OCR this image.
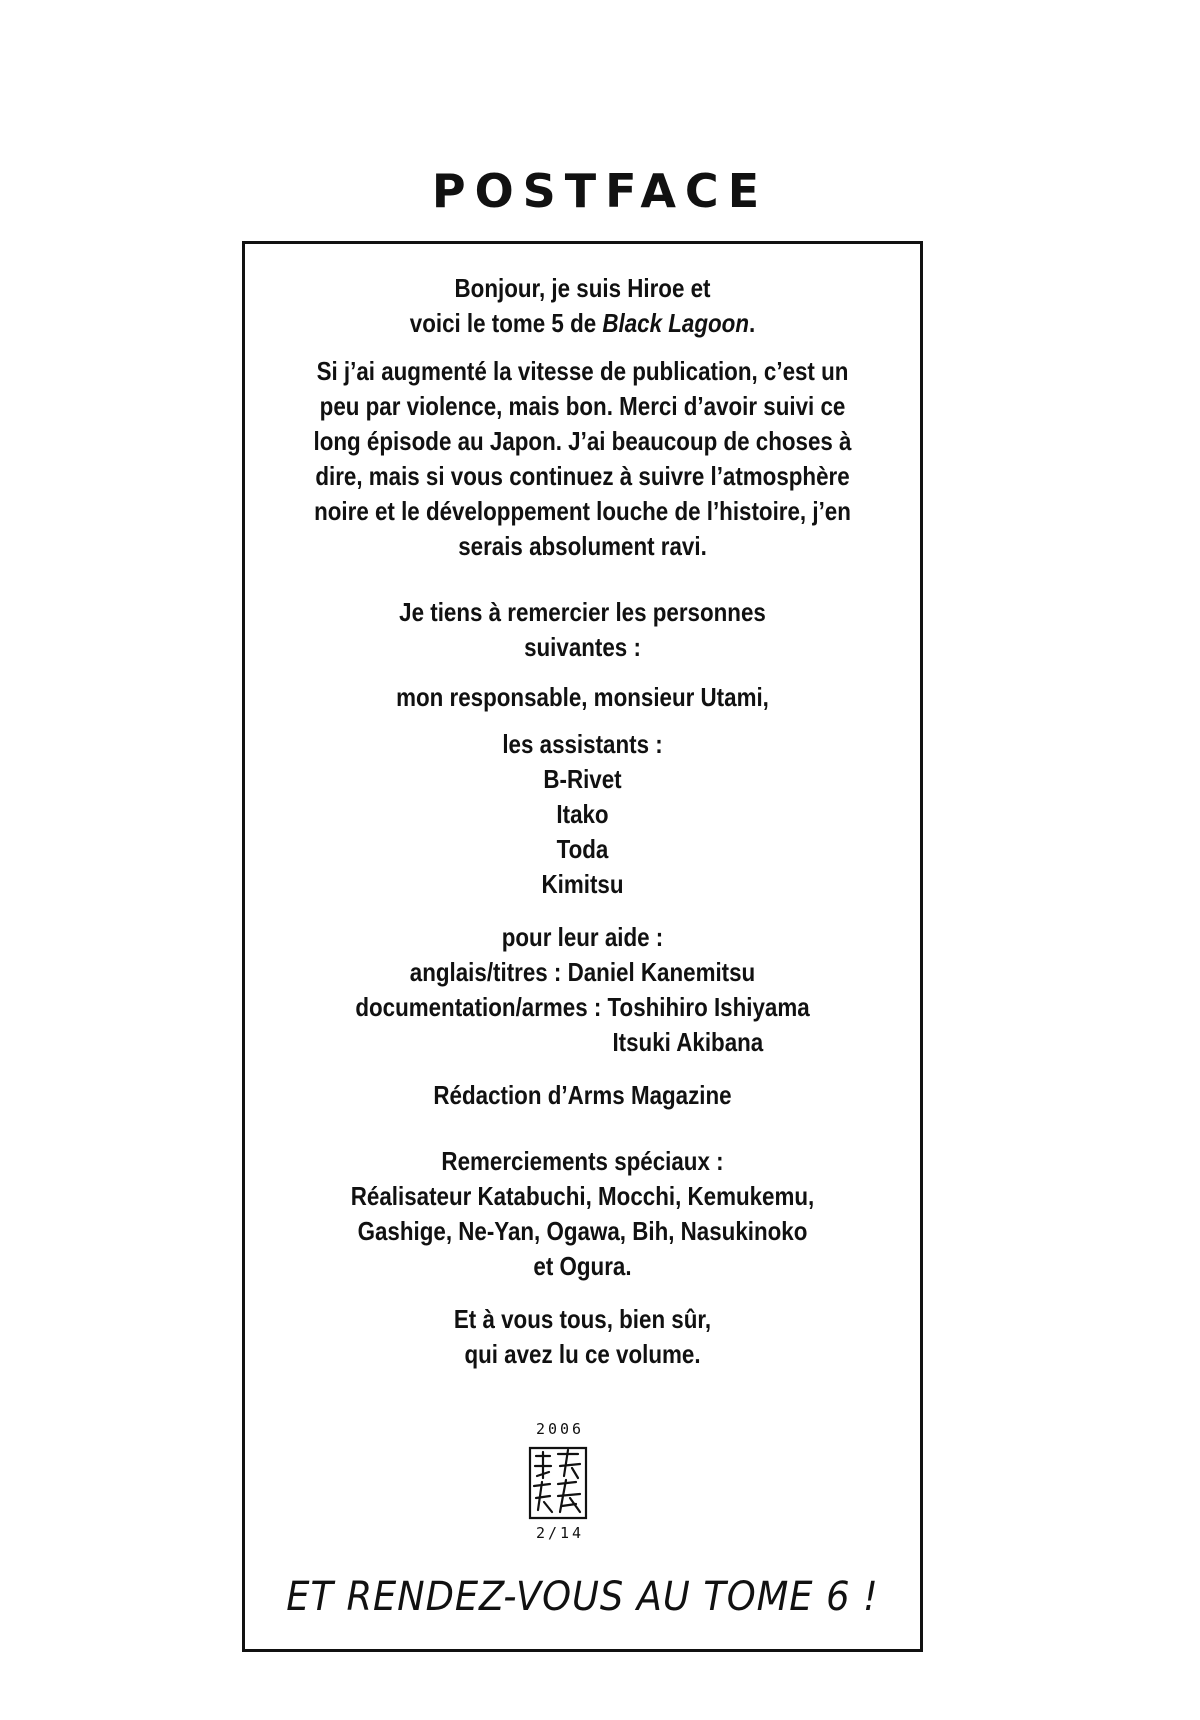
POSTFACE
Bonjour, je suis Hiroe et
voici le tome 5 de Black Lagoon.
Si j’ai augmenté la vitesse de publication, c’est un
peu par violence, mais bon. Merci d’avoir suivi ce
long épisode au Japon. J’ai beaucoup de choses à
dire, mais si vous continuez à suivre l’atmosphère
noire et le développement louche de l’histoire, j’en
serais absolument ravi.
Je tiens à remercier les personnes
suivantes :
mon responsable, monsieur Utami,
les assistants :
B-Rivet
Itako
Toda
Kimitsu
pour leur aide :
anglais/titres : Daniel Kanemitsu
documentation/armes : Toshihiro Ishiyama
Itsuki Akibana
Rédaction d’Arms Magazine
Remerciements spéciaux :
Réalisateur Katabuchi, Mocchi, Kemukemu,
Gashige, Ne-Yan, Ogawa, Bih, Nasukinoko
et Ogura.
Et à vous tous, bien sûr,
qui avez lu ce volume.
2006
2/14
ET RENDEZ-VOUS AU TOME 6 !
